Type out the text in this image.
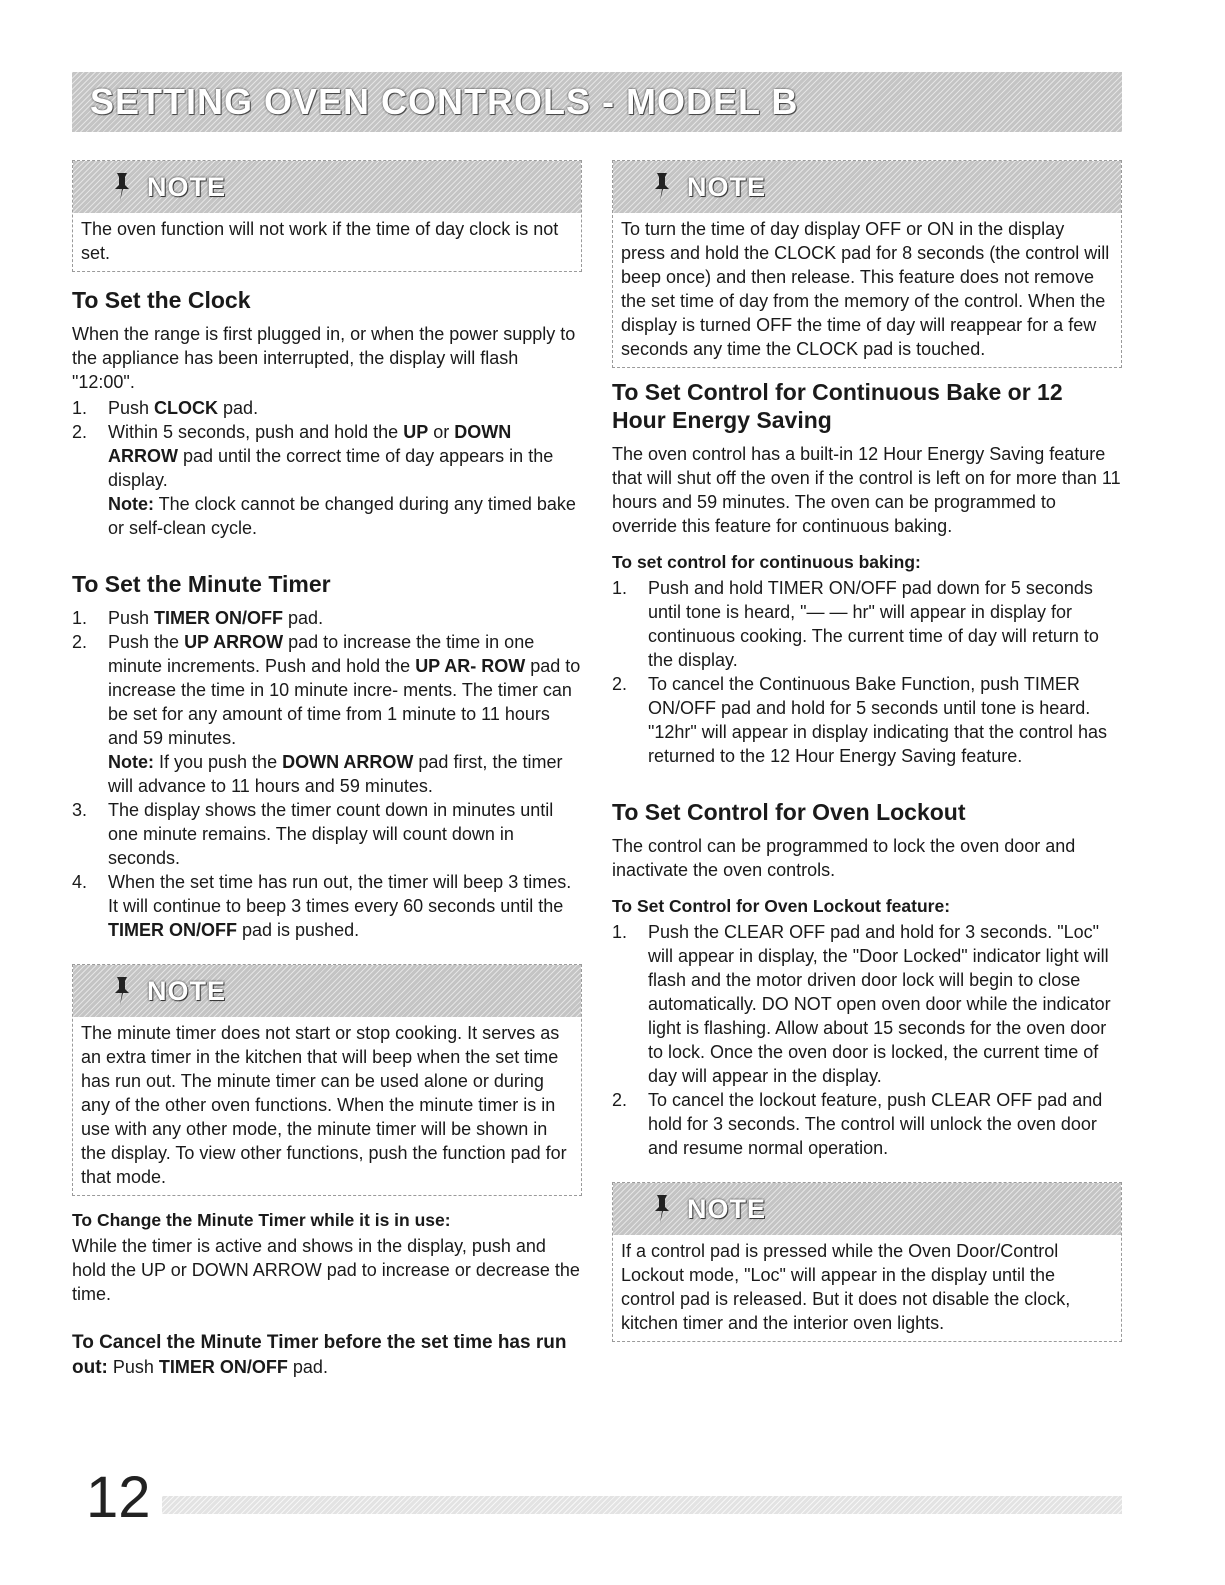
SETTING OVEN CONTROLS - MODEL B
NOTE
The oven function will not work if the time of day clock is not set.
To Set the Clock

When the range is first plugged in, or when the power supply to the appliance has been interrupted, the display will flash "12:00".

1. Push CLOCK pad.
2. Within 5 seconds, push and hold the UP or DOWN ARROW pad until the correct time of day appears in the display.
Note: The clock cannot be changed during any timed bake or self-clean cycle.
To Set the Minute Timer
1. Push TIMER ON/OFF pad.
2. Push the UP ARROW pad to increase the time in one minute increments. Push and hold the UP AR- ROW pad to increase the time in 10 minute incre- ments. The timer can be set for any amount of time from 1 minute to 11 hours and 59 minutes.
Note: If you push the DOWN ARROW pad first, the timer will advance to 11 hours and 59 minutes.
3. The display shows the timer count down in minutes until one minute remains. The display will count down in seconds.
4. When the set time has run out, the timer will beep 3 times. It will continue to beep 3 times every 60 seconds until the TIMER ON/OFF pad is pushed.
NOTE
The minute timer does not start or stop cooking. It serves as an extra timer in the kitchen that will beep when the set time has run out. The minute timer can be used alone or during any of the other oven functions. When the minute timer is in use with any other mode, the minute timer will be shown in the display. To view other functions, push the function pad for that mode.
To Change the Minute Timer while it is in use:

While the timer is active and shows in the display, push and hold the UP or DOWN ARROW pad to increase or decrease the time.

To Cancel the Minute Timer before the set time has run out: Push TIMER ON/OFF pad.

NOTE
To turn the time of day display OFF or ON in the display press and hold the CLOCK pad for 8 seconds (the control will beep once) and then release. This feature does not remove the set time of day from the memory of the control. When the display is turned OFF the time of day will reappear for a few seconds any time the CLOCK pad is touched.
To Set Control for Continuous Bake or 12 Hour Energy Saving

The oven control has a built-in 12 Hour Energy Saving feature that will shut off the oven if the control is left on for more than 11 hours and 59 minutes. The oven can be programmed to override this feature for continuous baking.

To set control for continuous baking:
1. Push and hold TIMER ON/OFF pad down for 5 seconds until tone is heard, "— — hr" will appear in display for continuous cooking. The current time of day will return to the display.
2. To cancel the Continuous Bake Function, push TIMER ON/OFF pad and hold for 5 seconds until tone is heard. "12hr" will appear in display indicating that the control has returned to the 12 Hour Energy Saving feature.
To Set Control for Oven Lockout

The control can be programmed to lock the oven door and inactivate the oven controls.

To Set Control for Oven Lockout feature:
1. Push the CLEAR OFF pad and hold for 3 seconds. "Loc" will appear in display, the "Door Locked" indicator light will flash and the motor driven door lock will begin to close automatically. DO NOT open oven door while the indicator light is flashing. Allow about 15 seconds for the oven door to lock. Once the oven door is locked, the current time of day will appear in the display.
2. To cancel the lockout feature, push CLEAR OFF pad and hold for 3 seconds. The control will unlock the oven door and resume normal operation.
NOTE
If a control pad is pressed while the Oven Door/Control Lockout mode, "Loc" will appear in the display until the control pad is released. But it does not disable the clock, kitchen timer and the interior oven lights.
12
